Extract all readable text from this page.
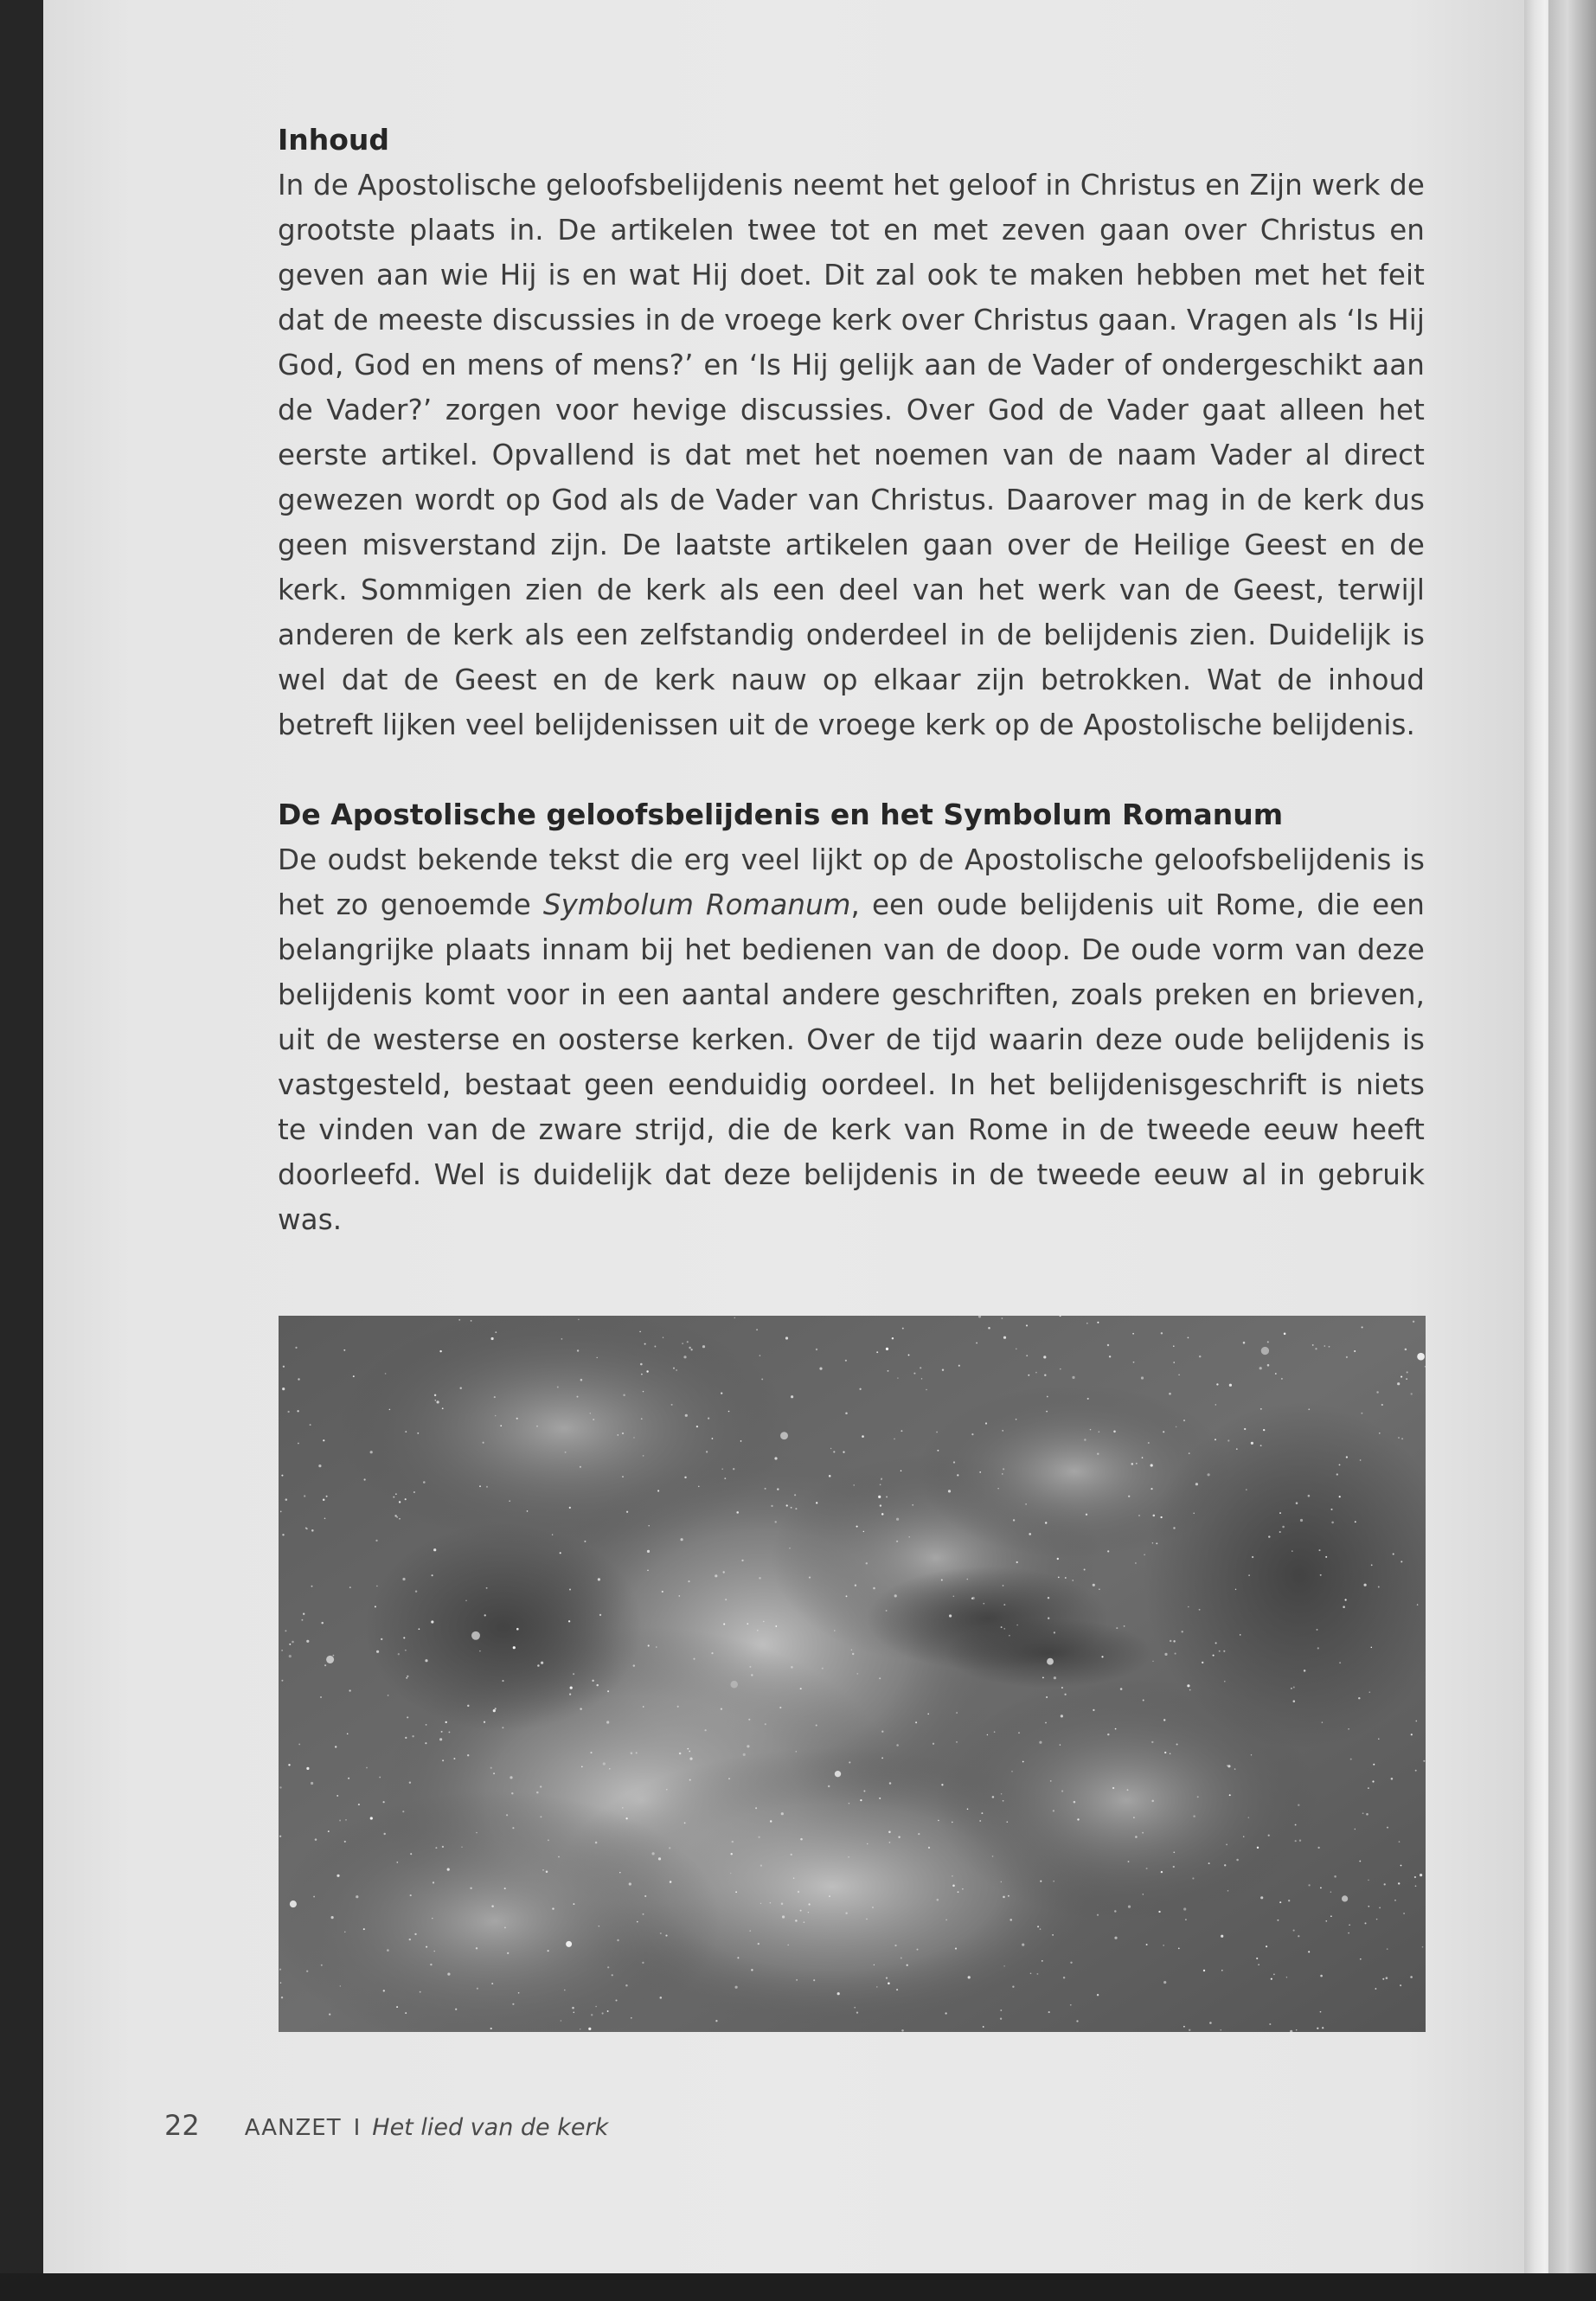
Inhoud

In de Apostolische geloofsbelijdenis neemt het geloof in Christus en Zijn werk de grootste plaats in. De artikelen twee tot en met zeven gaan over Christus en geven aan wie Hij is en wat Hij doet. Dit zal ook te maken hebben met het feit dat de meeste discussies in de vroege kerk over Christus gaan. Vragen als ‘Is Hij God, God en mens of mens?’ en ‘Is Hij gelijk aan de Vader of ondergeschikt aan de Vader?’ zorgen voor hevige discussies. Over God de Vader gaat alleen het eerste artikel. Opvallend is dat met het noemen van de naam Vader al direct gewezen wordt op God als de Vader van Christus. Daarover mag in de kerk dus geen misverstand zijn. De laatste artikelen gaan over de Heilige Geest en de kerk. Sommigen zien de kerk als een deel van het werk van de Geest, terwijl anderen de kerk als een zelfstandig onderdeel in de belijdenis zien. Duidelijk is wel dat de Geest en de kerk nauw op elkaar zijn betrokken. Wat de inhoud betreft lijken veel belijdenissen uit de vroege kerk op de Apostolische belijdenis.

De Apostolische geloofsbelijdenis en het Symbolum Romanum

De oudst bekende tekst die erg veel lijkt op de Apostolische geloofsbelijdenis is het zo genoemde Symbolum Romanum, een oude belijdenis uit Rome, die een belangrijke plaats innam bij het bedienen van de doop. De oude vorm van deze belijdenis komt voor in een aantal andere geschriften, zoals preken en brieven, uit de westerse en oosterse kerken. Over de tijd waarin deze oude belijdenis is vastgesteld, bestaat geen eenduidig oordeel. In het belijdenisgeschrift is niets te vinden van de zware strijd, die de kerk van Rome in de tweede eeuw heeft doorleefd. Wel is duidelijk dat deze belijdenis in de tweede eeuw al in gebruik was.

22 AANZET I Het lied van de kerk
